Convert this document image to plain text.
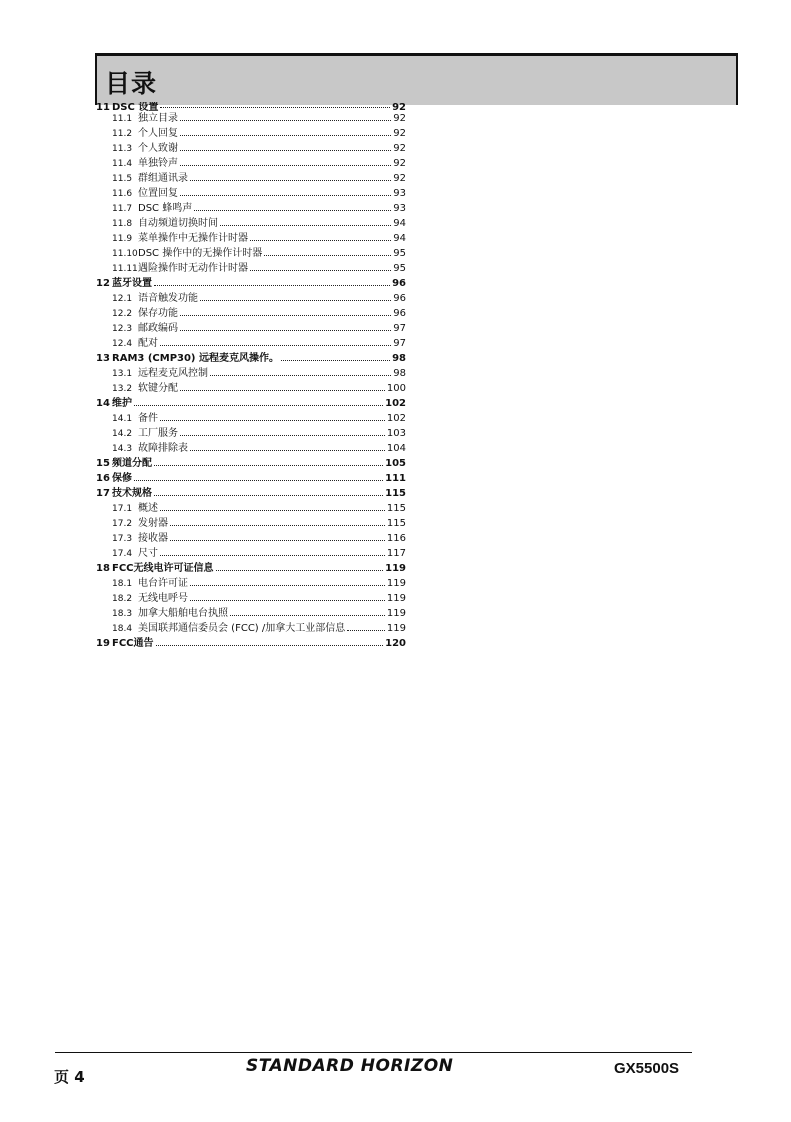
目录
11 DSC 设置	92
11.1 独立目录	92
11.2 个人回复	92
11.3 个人致谢	92
11.4 单独铃声	92
11.5 群组通讯录	92
11.6 位置回复	93
11.7 DSC 蜂鸣声	93
11.8 自动频道切换时间	94
11.9 菜单操作中无操作计时器	94
11.10 DSC 操作中的无操作计时器	95
11.11 遇险操作时无动作计时器	95
12 蓝牙设置	96
12.1 语音触发功能	96
12.2 保存功能	96
12.3 邮政编码	97
12.4 配对	97
13 RAM3 (CMP30) 远程麦克风操作。	98
13.1 远程麦克风控制	98
13.2 软键分配	100
14 维护	102
14.1 备件	102
14.2 工厂服务	103
14.3 故障排除表	104
15 频道分配	105
16 保修	111
17 技术规格	115
17.1 概述	115
17.2 发射器	115
17.3 接收器	116
17.4 尺寸	117
18 FCC无线电许可证信息	119
18.1 电台许可证	119
18.2 无线电呼号	119
18.3 加拿大船舶电台执照	119
18.4 美国联邦通信委员会 (FCC) /加拿大工业部信息	119
19 FCC通告	120
页 4
STANDARD HORIZON	GX5500S
